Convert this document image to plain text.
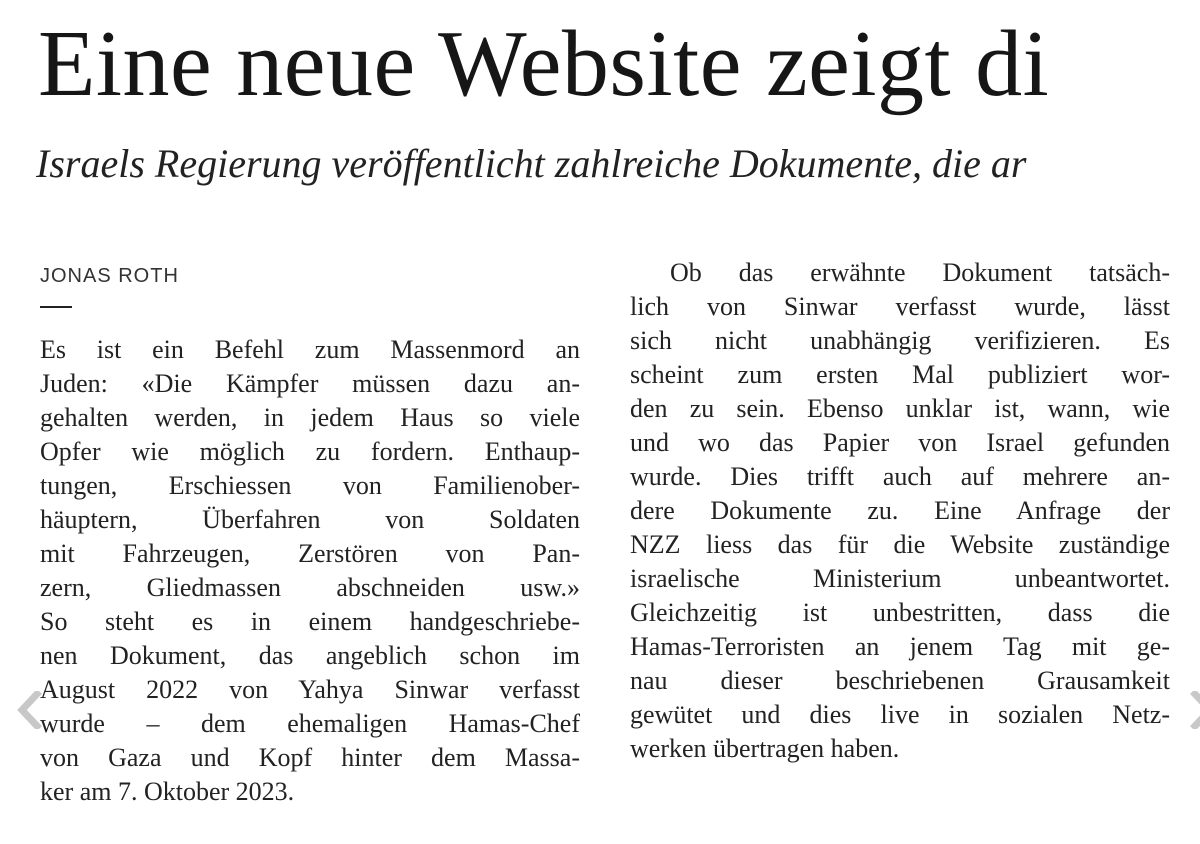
Eine neue Website zeigt di
Israels Regierung veröffentlicht zahlreiche Dokumente, die ar
JONAS ROTH
Es ist ein Befehl zum Massenmord an
Juden: «Die Kämpfer müssen dazu an-
gehalten werden, in jedem Haus so viele
Opfer wie möglich zu fordern. Enthaup-
tungen, Erschiessen von Familienober-
häuptern, Überfahren von Soldaten
mit Fahrzeugen, Zerstören von Pan-
zern, Gliedmassen abschneiden usw.»
So steht es in einem handgeschriebe-
nen Dokument, das angeblich schon im
August 2022 von Yahya Sinwar verfasst
wurde – dem ehemaligen Hamas-Chef
von Gaza und Kopf hinter dem Massa-
ker am 7. Oktober 2023.
Ob das erwähnte Dokument tatsäch-
lich von Sinwar verfasst wurde, lässt
sich nicht unabhängig verifizieren. Es
scheint zum ersten Mal publiziert wor-
den zu sein. Ebenso unklar ist, wann, wie
und wo das Papier von Israel gefunden
wurde. Dies trifft auch auf mehrere an-
dere Dokumente zu. Eine Anfrage der
NZZ liess das für die Website zuständige
israelische Ministerium unbeantwortet.
Gleichzeitig ist unbestritten, dass die
Hamas-Terroristen an jenem Tag mit ge-
nau dieser beschriebenen Grausamkeit
gewütet und dies live in sozialen Netz-
werken übertragen haben.
